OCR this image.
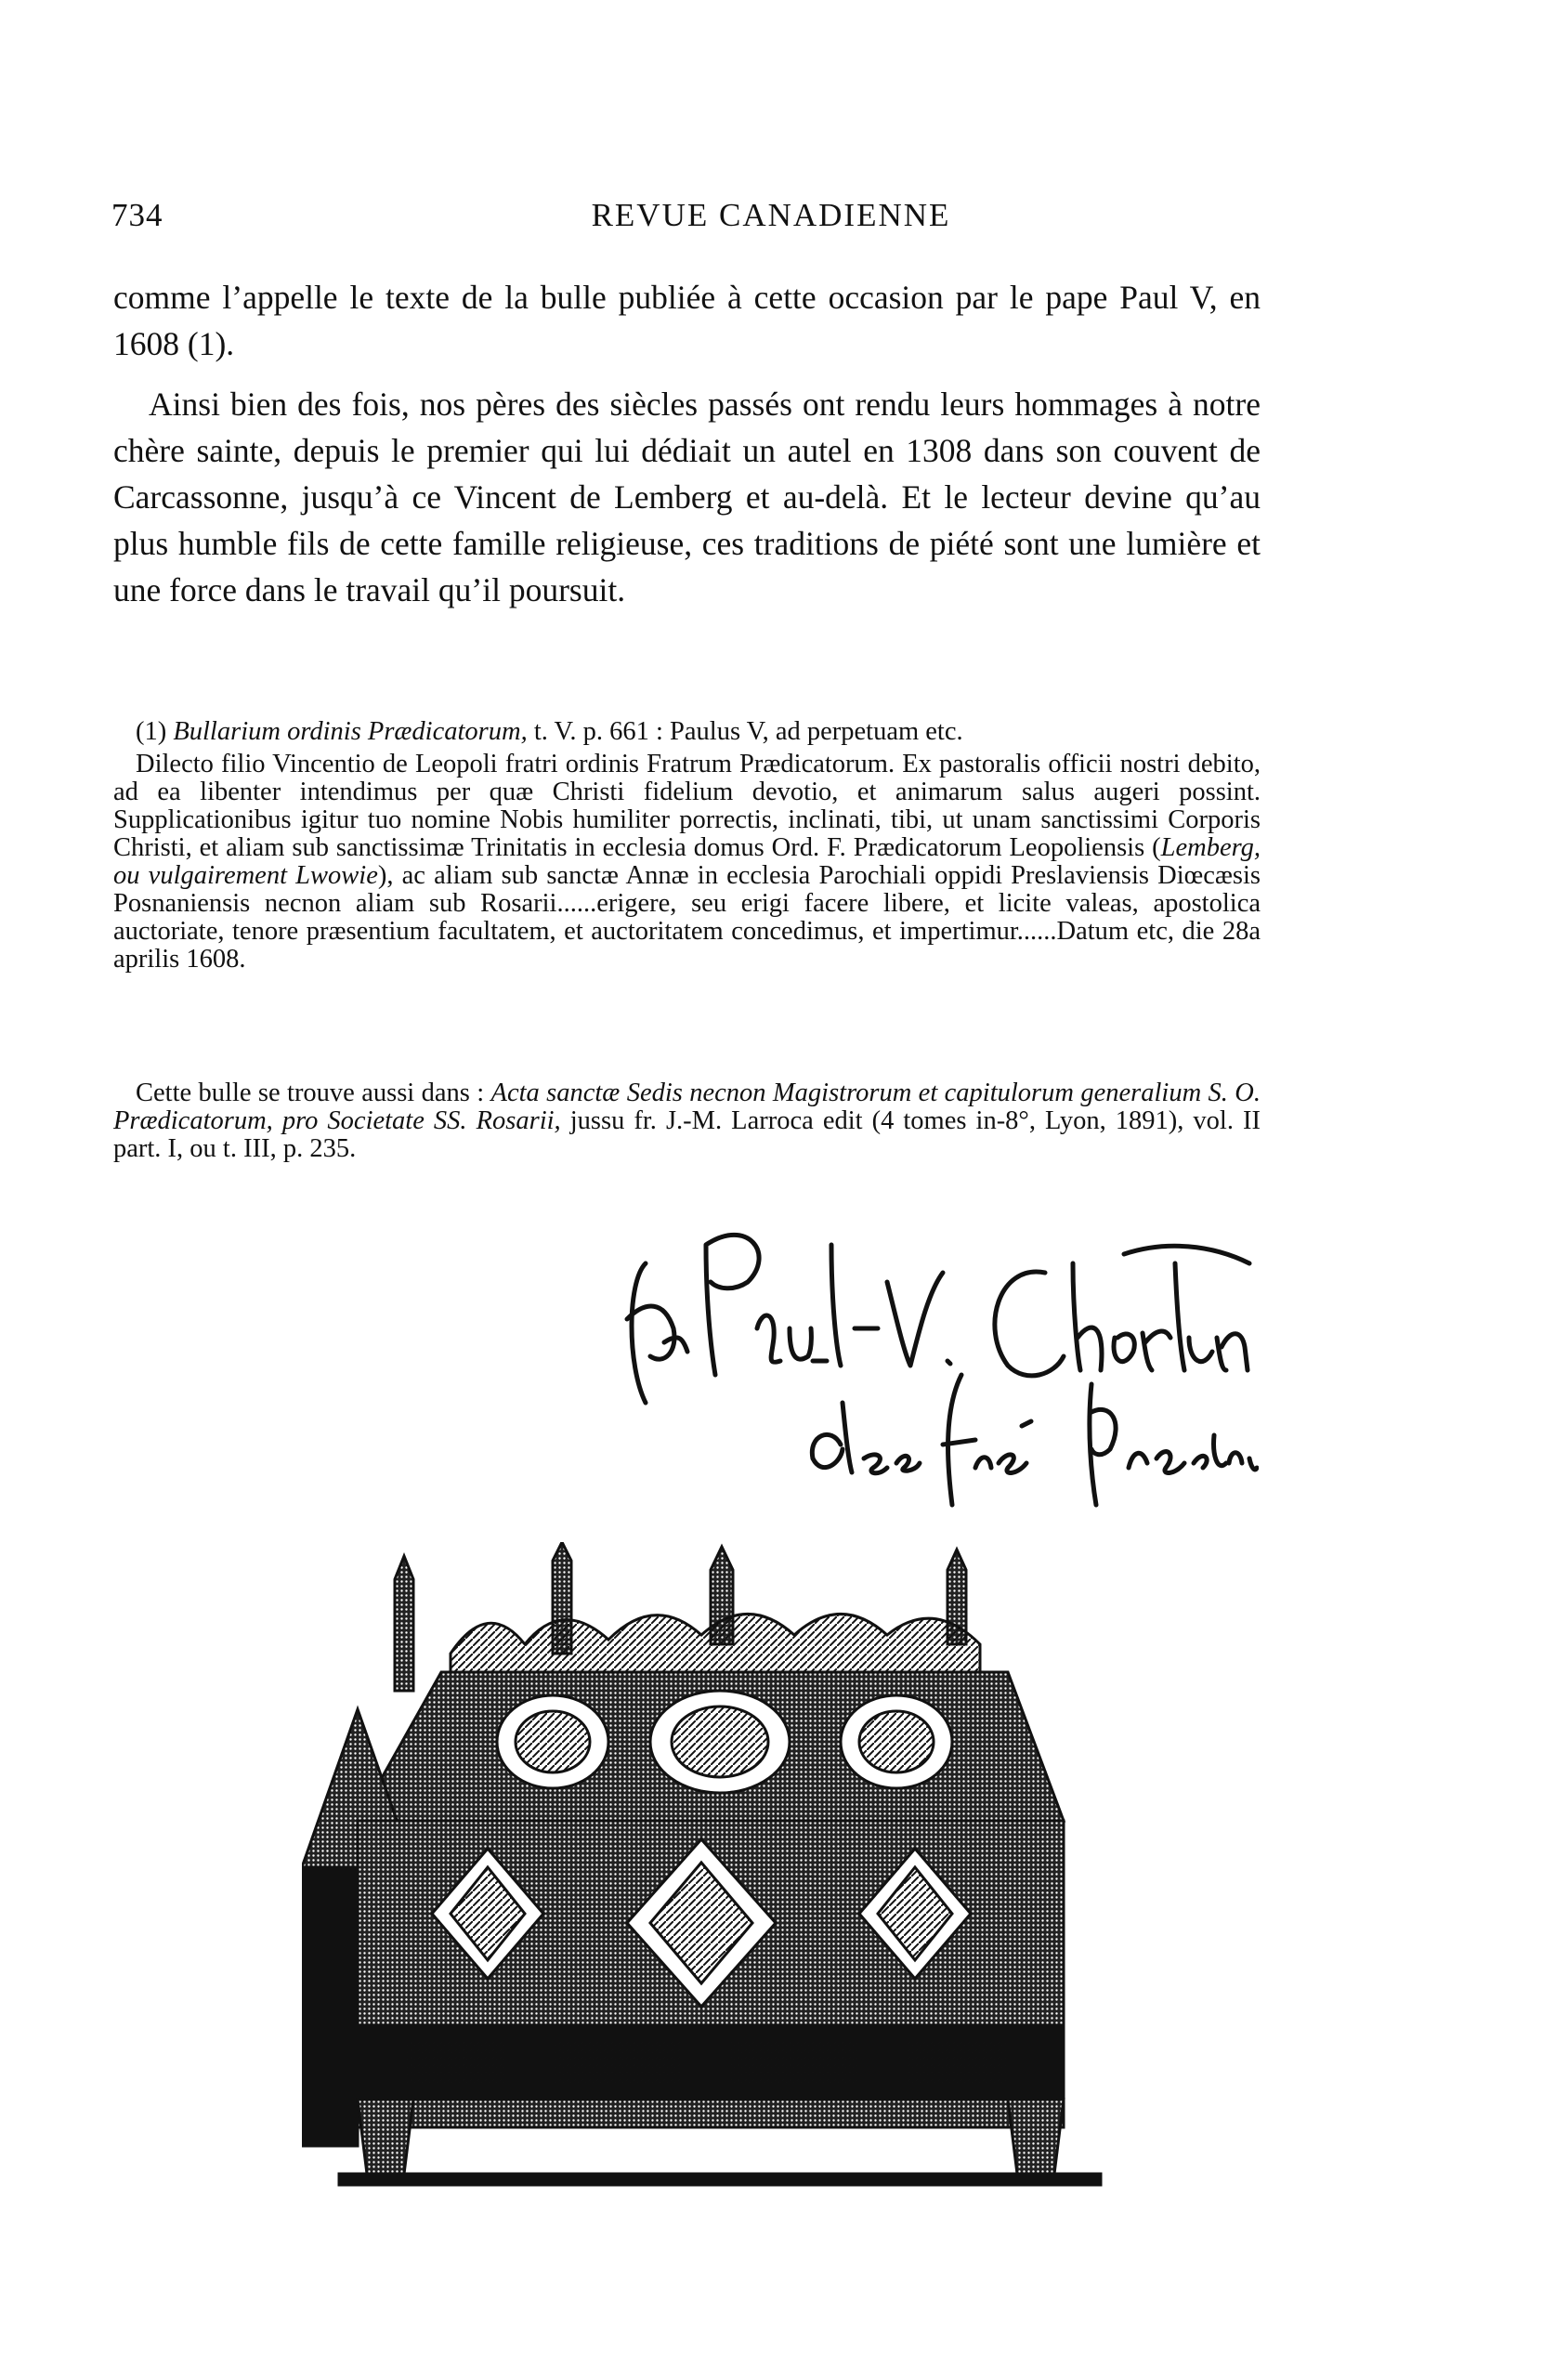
734	REVUE CANADIENNE

comme l’appelle le texte de la bulle publiée à cette occasion par le pape Paul V, en 1608 (1).

Ainsi bien des fois, nos pères des siècles passés ont rendu leurs hommages à notre chère sainte, depuis le premier qui lui dédiait un autel en 1308 dans son couvent de Carcassonne, jusqu’à ce Vincent de Lemberg et au-delà. Et le lecteur devine qu’au plus humble fils de cette famille religieuse, ces traditions de piété sont une lumière et une force dans le travail qu’il poursuit.

(1) Bullarium ordinis Prædicatorum, t. V. p. 661 : Paulus V, ad perpetuam etc.

Dilecto filio Vincentio de Leopoli fratri ordinis Fratrum Prædicatorum. Ex pastoralis officii nostri debito, ad ea libenter intendimus per quæ Christi fidelium devotio, et animarum salus augeri possint. Supplicationibus igitur tuo nomine Nobis humiliter porrectis, inclinati, tibi, ut unam sanctissimi Corporis Christi, et aliam sub sanctissimæ Trinitatis in ecclesia domus Ord. F. Prædicatorum Leopoliensis (Lemberg, ou vulgairement Lwowie), ac aliam sub sanctæ Annæ in ecclesia Parochiali oppidi Preslaviensis Diœcæsis Posnaniensis necnon aliam sub Rosarii......erigere, seu erigi facere libere, et licite valeas, apostolica auctoriate, tenore præsentium facultatem, et auctoritatem concedimus, et impertimur......Datum etc, die 28a aprilis 1608.

Cette bulle se trouve aussi dans : Acta sanctæ Sedis necnon Magistrorum et capitulorum generalium S. O. Prædicatorum, pro Societate SS. Rosarii, jussu fr. J.-M. Larroca edit (4 tomes in-8°, Lyon, 1891), vol. II part. I, ou t. III, p. 235.
